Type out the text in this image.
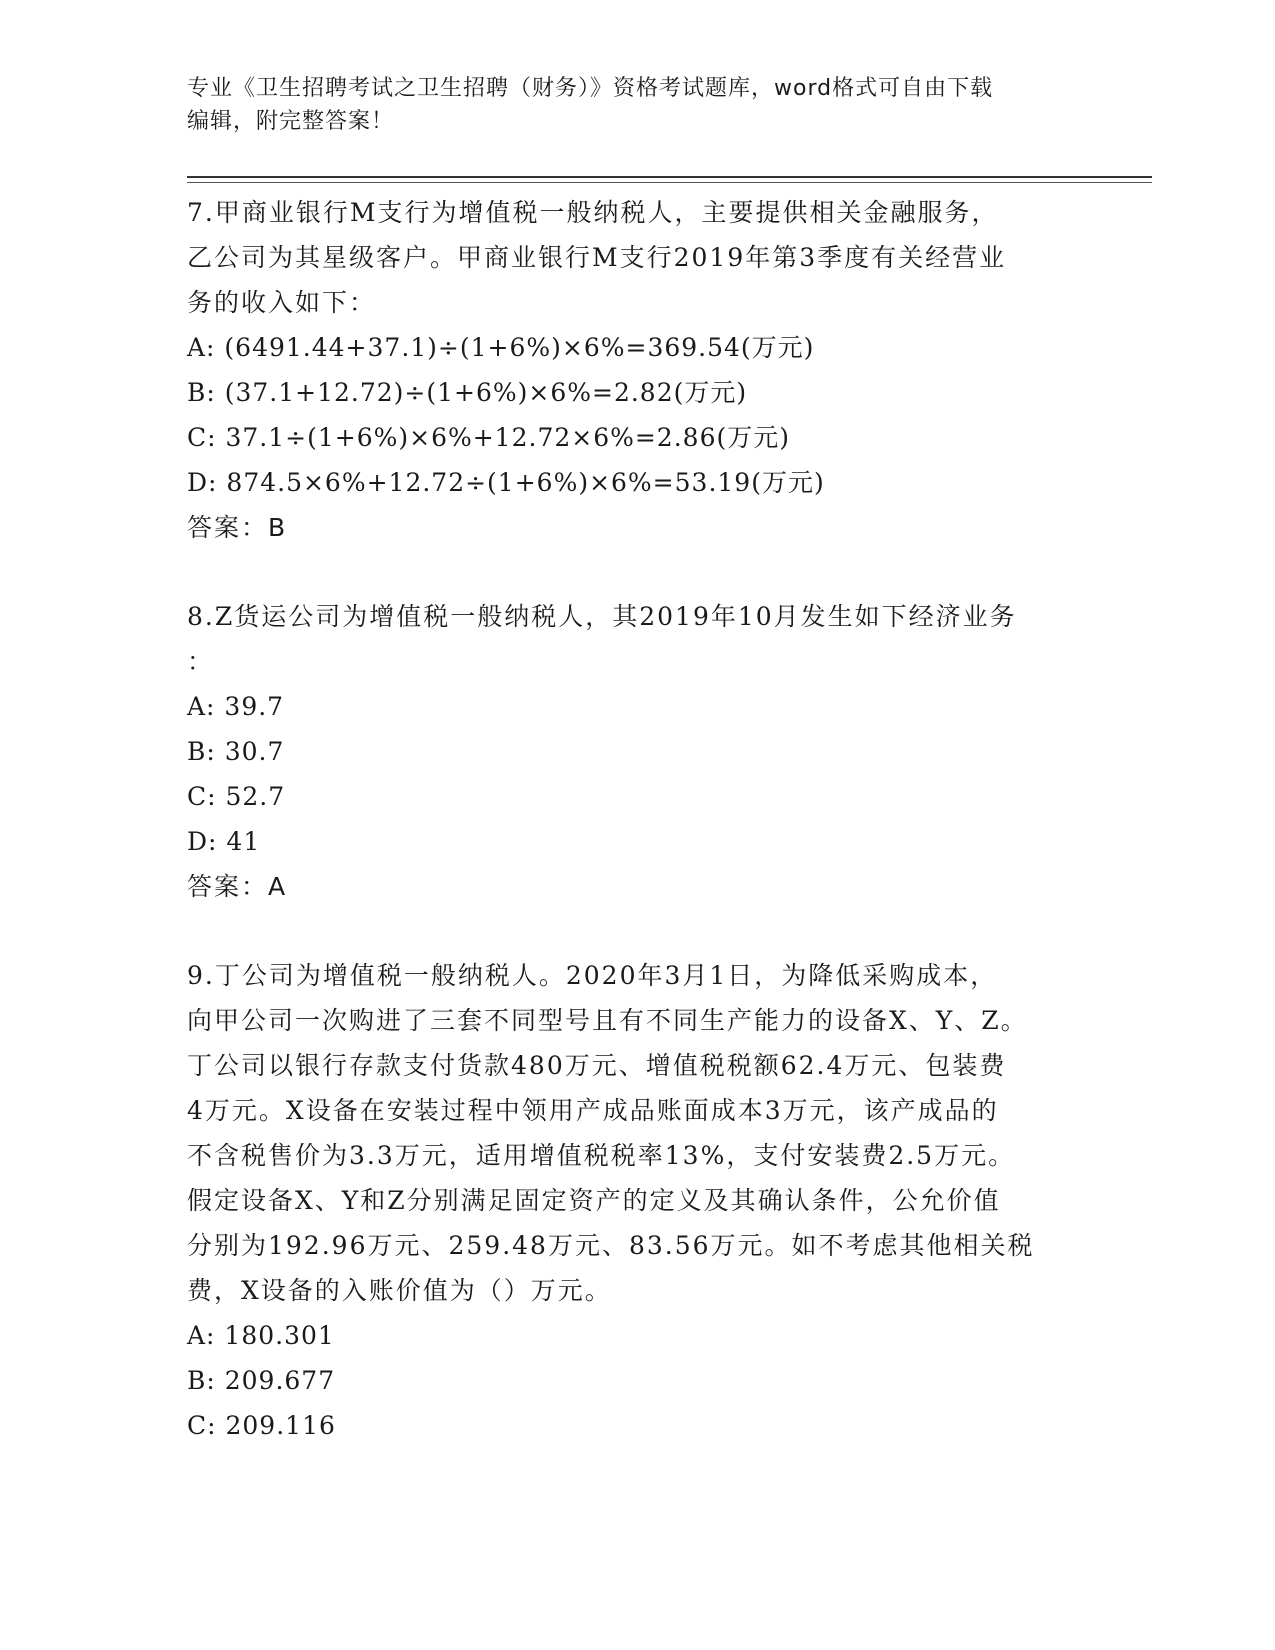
专业《卫生招聘考试之卫生招聘（财务）》资格考试题库，word格式可自由下载
编辑，附完整答案！
7.甲商业银行M支行为增值税一般纳税人，主要提供相关金融服务，
乙公司为其星级客户。甲商业银行M支行2019年第3季度有关经营业
务的收入如下：
A: (6491.44+37.1)÷(1+6%)×6%=369.54(万元)
B: (37.1+12.72)÷(1+6%)×6%=2.82(万元)
C: 37.1÷(1+6%)×6%+12.72×6%=2.86(万元)
D: 874.5×6%+12.72÷(1+6%)×6%=53.19(万元)
答案：B
8.Z货运公司为增值税一般纳税人，其2019年10月发生如下经济业务
：
A: 39.7
B: 30.7
C: 52.7
D: 41
答案：A
9.丁公司为增值税一般纳税人。2020年3月1日，为降低采购成本，
向甲公司一次购进了三套不同型号且有不同生产能力的设备X、Y、Z。
丁公司以银行存款支付货款480万元、增值税税额62.4万元、包装费
4万元。X设备在安装过程中领用产成品账面成本3万元，该产成品的
不含税售价为3.3万元，适用增值税税率13%，支付安装费2.5万元。
假定设备X、Y和Z分别满足固定资产的定义及其确认条件，公允价值
分别为192.96万元、259.48万元、83.56万元。如不考虑其他相关税
费，X设备的入账价值为（）万元。
A: 180.301
B: 209.677
C: 209.116
